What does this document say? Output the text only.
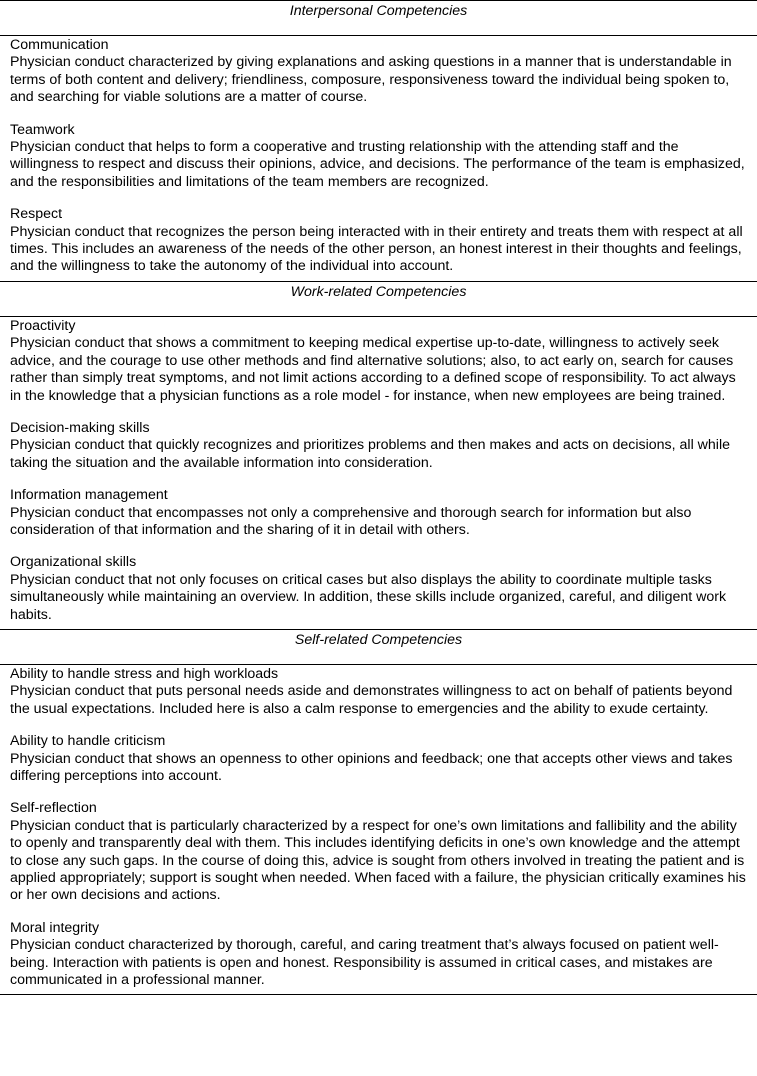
Interpersonal Competencies
Communication
Physician conduct characterized by giving explanations and asking questions in a manner that is understandable in terms of both content and delivery; friendliness, composure, responsiveness toward the individual being spoken to, and searching for viable solutions are a matter of course.
Teamwork
Physician conduct that helps to form a cooperative and trusting relationship with the attending staff and the willingness to respect and discuss their opinions, advice, and decisions. The performance of the team is emphasized, and the responsibilities and limitations of the team members are recognized.
Respect
Physician conduct that recognizes the person being interacted with in their entirety and treats them with respect at all times. This includes an awareness of the needs of the other person, an honest interest in their thoughts and feelings, and the willingness to take the autonomy of the individual into account.
Work-related Competencies
Proactivity
Physician conduct that shows a commitment to keeping medical expertise up-to-date, willingness to actively seek advice, and the courage to use other methods and find alternative solutions; also, to act early on, search for causes rather than simply treat symptoms, and not limit actions according to a defined scope of responsibility. To act always in the knowledge that a physician functions as a role model - for instance, when new employees are being trained.
Decision-making skills
Physician conduct that quickly recognizes and prioritizes problems and then makes and acts on decisions, all while taking the situation and the available information into consideration.
Information management
Physician conduct that encompasses not only a comprehensive and thorough search for information but also consideration of that information and the sharing of it in detail with others.
Organizational skills
Physician conduct that not only focuses on critical cases but also displays the ability to coordinate multiple tasks simultaneously while maintaining an overview. In addition, these skills include organized, careful, and diligent work habits.
Self-related Competencies
Ability to handle stress and high workloads
Physician conduct that puts personal needs aside and demonstrates willingness to act on behalf of patients beyond the usual expectations. Included here is also a calm response to emergencies and the ability to exude certainty.
Ability to handle criticism
Physician conduct that shows an openness to other opinions and feedback; one that accepts other views and takes differing perceptions into account.
Self-reflection
Physician conduct that is particularly characterized by a respect for one’s own limitations and fallibility and the ability to openly and transparently deal with them. This includes identifying deficits in one’s own knowledge and the attempt to close any such gaps. In the course of doing this, advice is sought from others involved in treating the patient and is applied appropriately; support is sought when needed. When faced with a failure, the physician critically examines his or her own decisions and actions.
Moral integrity
Physician conduct characterized by thorough, careful, and caring treatment that’s always focused on patient well-being. Interaction with patients is open and honest. Responsibility is assumed in critical cases, and mistakes are communicated in a professional manner.
